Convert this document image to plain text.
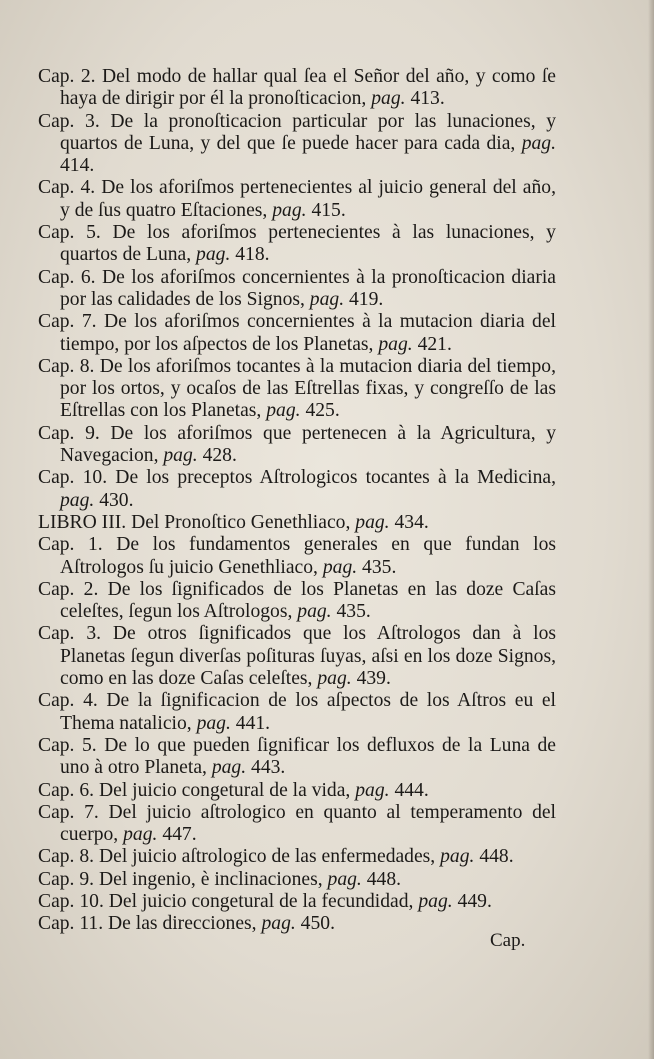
Cap. 2. Del modo de hallar qual ſea el Señor del año, y como ſe haya de dirigir por él la pronoſticacion, pag. 413.

Cap. 3. De la pronoſticacion particular por las lunaciones, y quartos de Luna, y del que ſe puede hacer para cada dia, pag. 414.

Cap. 4. De los aforiſmos pertenecientes al juicio general del año, y de ſus quatro Eſtaciones, pag. 415.

Cap. 5. De los aforiſmos pertenecientes à las lunaciones, y quartos de Luna, pag. 418.

Cap. 6. De los aforiſmos concernientes à la pronoſticacion diaria por las calidades de los Signos, pag. 419.

Cap. 7. De los aforiſmos concernientes à la mutacion diaria del tiempo, por los aſpectos de los Planetas, pag. 421.

Cap. 8. De los aforiſmos tocantes à la mutacion diaria del tiempo, por los ortos, y ocaſos de las Eſtrellas fixas, y congreſſo de las Eſtrellas con los Planetas, pag. 425.

Cap. 9. De los aforiſmos que pertenecen à la Agricultura, y Navegacion, pag. 428.

Cap. 10. De los preceptos Aſtrologicos tocantes à la Medicina, pag. 430.

LIBRO III. Del Pronoſtico Genethliaco, pag. 434.

Cap. 1. De los fundamentos generales en que fundan los Aſtrologos ſu juicio Genethliaco, pag. 435.

Cap. 2. De los ſignificados de los Planetas en las doze Caſas celeſtes, ſegun los Aſtrologos, pag. 435.

Cap. 3. De otros ſignificados que los Aſtrologos dan à los Planetas ſegun diverſas poſituras ſuyas, aſsi en los doze Signos, como en las doze Caſas celeſtes, pag. 439.

Cap. 4. De la ſignificacion de los aſpectos de los Aſtros eu el Thema natalicio, pag. 441.

Cap. 5. De lo que pueden ſignificar los defluxos de la Luna de uno à otro Planeta, pag. 443.

Cap. 6. Del juicio congetural de la vida, pag. 444.

Cap. 7. Del juicio aſtrologico en quanto al temperamento del cuerpo, pag. 447.

Cap. 8. Del juicio aſtrologico de las enfermedades, pag. 448.

Cap. 9. Del ingenio, è inclinaciones, pag. 448.

Cap. 10. Del juicio congetural de la fecundidad, pag. 449.

Cap. 11. De las direcciones, pag. 450.

Cap.
